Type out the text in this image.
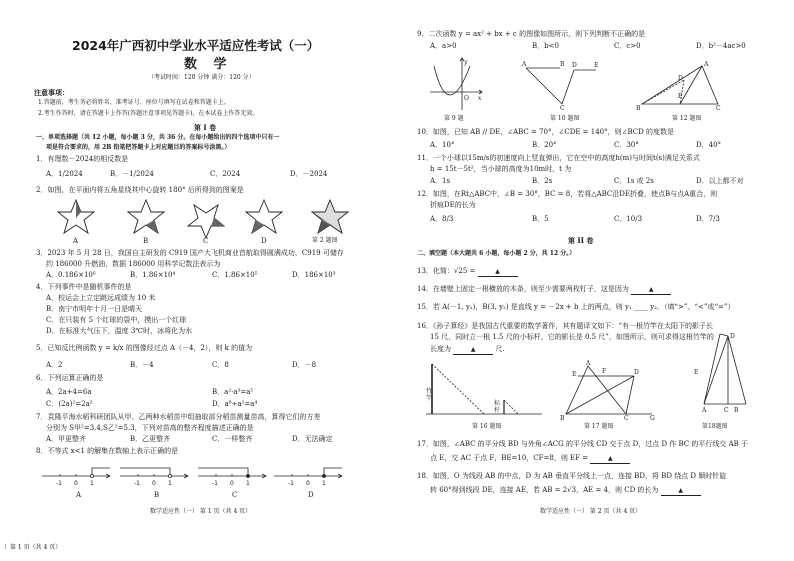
2024年广西初中学业水平适应性考试（一）
数 学
（考试时间：120 分钟 满分：120 分）
注意事项：
1.答题前，考生务必将姓名、准考证号、座位号填写在试卷和答题卡上。
2.考生作答时，请在答题卡上作答(答题注意事项见答题卡)，在本试卷上作答无效。
第 I 卷
一、单项选择题（共 12 小题，每小题 3 分，共 36 分。在每小题给出的四个选项中只有一
项是符合要求的，用 2B 铅笔把答题卡上对应题目的答案标号涂黑。）
1．有理数－2024的相反数是
A．1/2024	B．－1/2024	C．2024	D．－2024
2．如图，在平面内将五角星绕其中心旋转 180° 后所得到的图案是
A	B	C	D	第 2 题图
3．2023 年 5 月 28 日，我国自主研发的 C919 国产大飞机商业首航取得圆满成功，C919 可储存
约 186000 升燃油，数据 186000 用科学记数法表示为
A．0.186×10⁶	B．1.86×10⁴	C．1.86×10⁵	D．186×10³
4．下列事件中是随机事件的是
A．校运会上立定跳远成绩为 10 米
B．南宁市明年十月一日是晴天
C．在只装有 5 个红球的袋中，摸出一个红球
D．在标准大气压下，温度 3℃时，冰将化为水
5．已知反比例函数 y = k/x 的图像经过点 A（－4，2），则 k 的值为
A．2	B．－4	C．8	D．－8
6．下列运算正确的是
A．2a+4=6a	B．a²·a³=a⁵
C．(2a)²=2a²	D．a⁸÷a²=a⁴
7．袁隆平海水稻科研团队从甲、乙两种水稻苗中组抽取部分稻苗测量苗高，算得它们的方差
分别为 S甲²=3.4,S乙²=5.3，下列对苗高的整齐程度描述正确的是
A．甲更整齐	B．乙更整齐	C．一样整齐	D．无法确定
8．不等式 x<1 的解集在数轴上表示正确的是
-1 0 1	-1 0 1	-1 0 1	-1 0 1
A	B	C	D
数学适应性（一） 第 1 页（共 4 页）
）第 1 页（共 4 页）
9．二次函数 y = ax² + bx + c 的图像如图所示，则下列判断不正确的是
A．a>0	B．b<0	C．c>0	D．b²－4ac>0
y
x
O
第 9 题
A	B
C
D	E
第 10 题图
B	C
A
D
E
第 12 题图
10．如图，已知 AB // DE，∠ABC = 70°，∠CDE = 140°，则∠BCD 的度数是
A．10°	B．20°	C．30°	D．40°
11．一个小球以15m/s的初速度向上竖直弹出，它在空中的高度h(m)与时间t(s)满足关系式
h = 15t－5t²，当小球的高度为10m时，t 为
A．1s	B．2s	C．1s 或 2s	D．以上都不对
12．如图，在Rt△ABC中，∠B = 30°，BC = 8，若将△ABC沿DE折叠，使点B与点A重合，则
折痕DE的长为
A．8/3	B．5	C．10/3	D．7/3
第 II 卷
二、填空题（本大题共 6 小题，每小题 2 分，共 12 分。）
13．化简：√25 =	▲
14．在墙壁上固定一根横放的木条，则至少需要两枚钉子，这是因为	▲
15．若 A(－1, y₁)，B(3, y₂) 是直线 y = －2x + b 上的两点，则 y₁ ____ y₂．（填“>”、“<”或“=”）
16．《孙子算经》是我国古代重要的数学著作，其有题译文如下：“有一根竹竿在太阳下的影子长
15 尺，同时立一根 1.5 尺的小标杆，它的影长是 0.5 尺”，如图所示，则可求得这根竹竿的
长度为	▲	尺.
竹竿
标杆
第 16 题图
A
E	F	D
B	C	G
第 17 题图
E
D
A	C B
第18题图
17．如图，∠ABC 的平分线 BD 与外角∠ACG 的平分线 CD 交于点 D，过点 D 作 BC 的平行线交 AB 于
点 E，交 AC 于点 F，BE=10，CF=8，则 EF =	▲
18．如图，O 为线段 AB 的中点，D 为 AB 垂直平分线上一点，连接 BD，将 BD 绕点 D 顺时针旋
转 60°得到线段 DE，连接 AE，若 AB = 2√3，AE = 4，则 CD 的长为	▲
数学适应性（一） 第 2 页（共 4 页）
